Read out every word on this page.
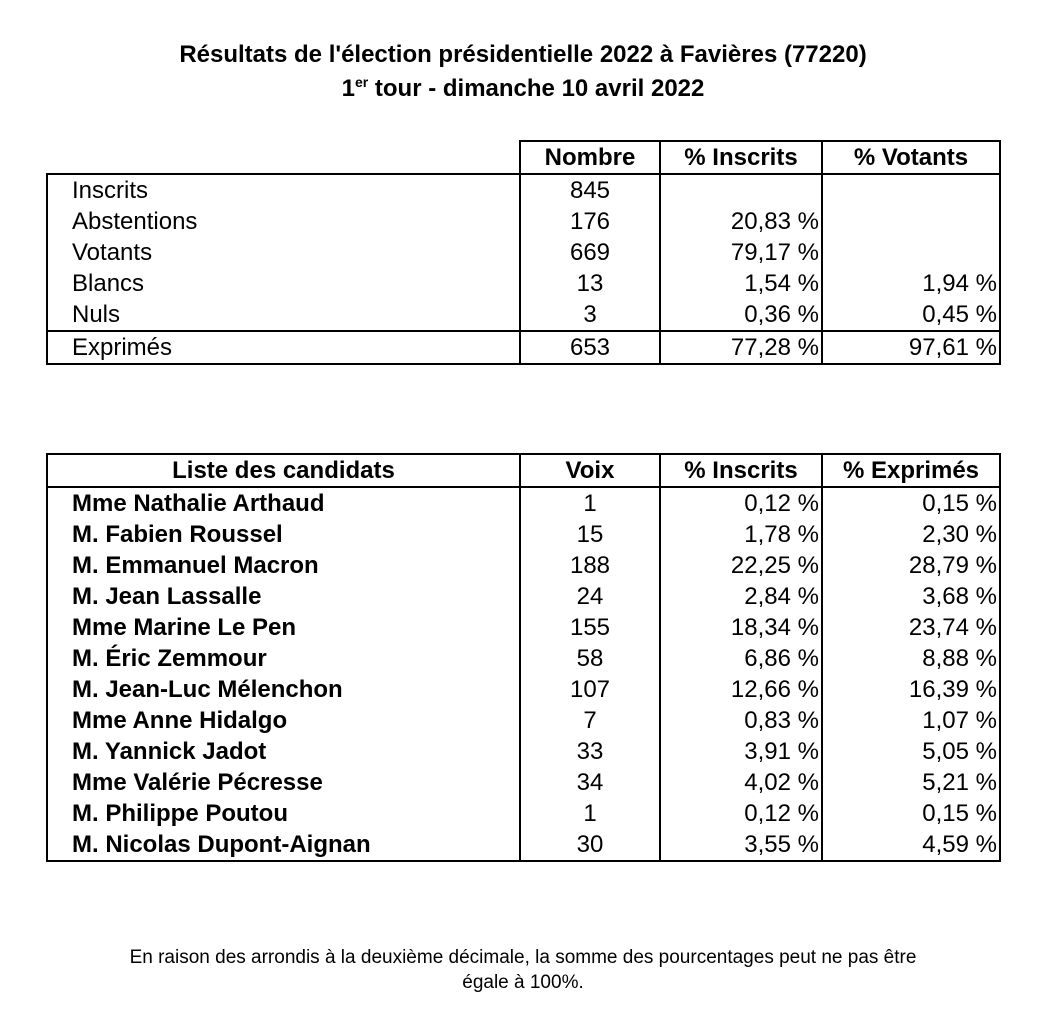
Résultats de l'élection présidentielle 2022 à Favières (77220)
1er tour - dimanche 10 avril 2022
	Nombre	% Inscrits	% Votants
Inscrits	845		
Abstentions	176	20,83 %	
Votants	669	79,17 %	
Blancs	13	1,54 %	1,94 %
Nuls	3	0,36 %	0,45 %
Exprimés	653	77,28 %	97,61 %
Liste des candidats	Voix	% Inscrits	% Exprimés
Mme Nathalie Arthaud	1	0,12 %	0,15 %
M. Fabien Roussel	15	1,78 %	2,30 %
M. Emmanuel Macron	188	22,25 %	28,79 %
M. Jean Lassalle	24	2,84 %	3,68 %
Mme Marine Le Pen	155	18,34 %	23,74 %
M. Éric Zemmour	58	6,86 %	8,88 %
M. Jean-Luc Mélenchon	107	12,66 %	16,39 %
Mme Anne Hidalgo	7	0,83 %	1,07 %
M. Yannick Jadot	33	3,91 %	5,05 %
Mme Valérie Pécresse	34	4,02 %	5,21 %
M. Philippe Poutou	1	0,12 %	0,15 %
M. Nicolas Dupont-Aignan	30	3,55 %	4,59 %
En raison des arrondis à la deuxième décimale, la somme des pourcentages peut ne pas être
égale à 100%.
